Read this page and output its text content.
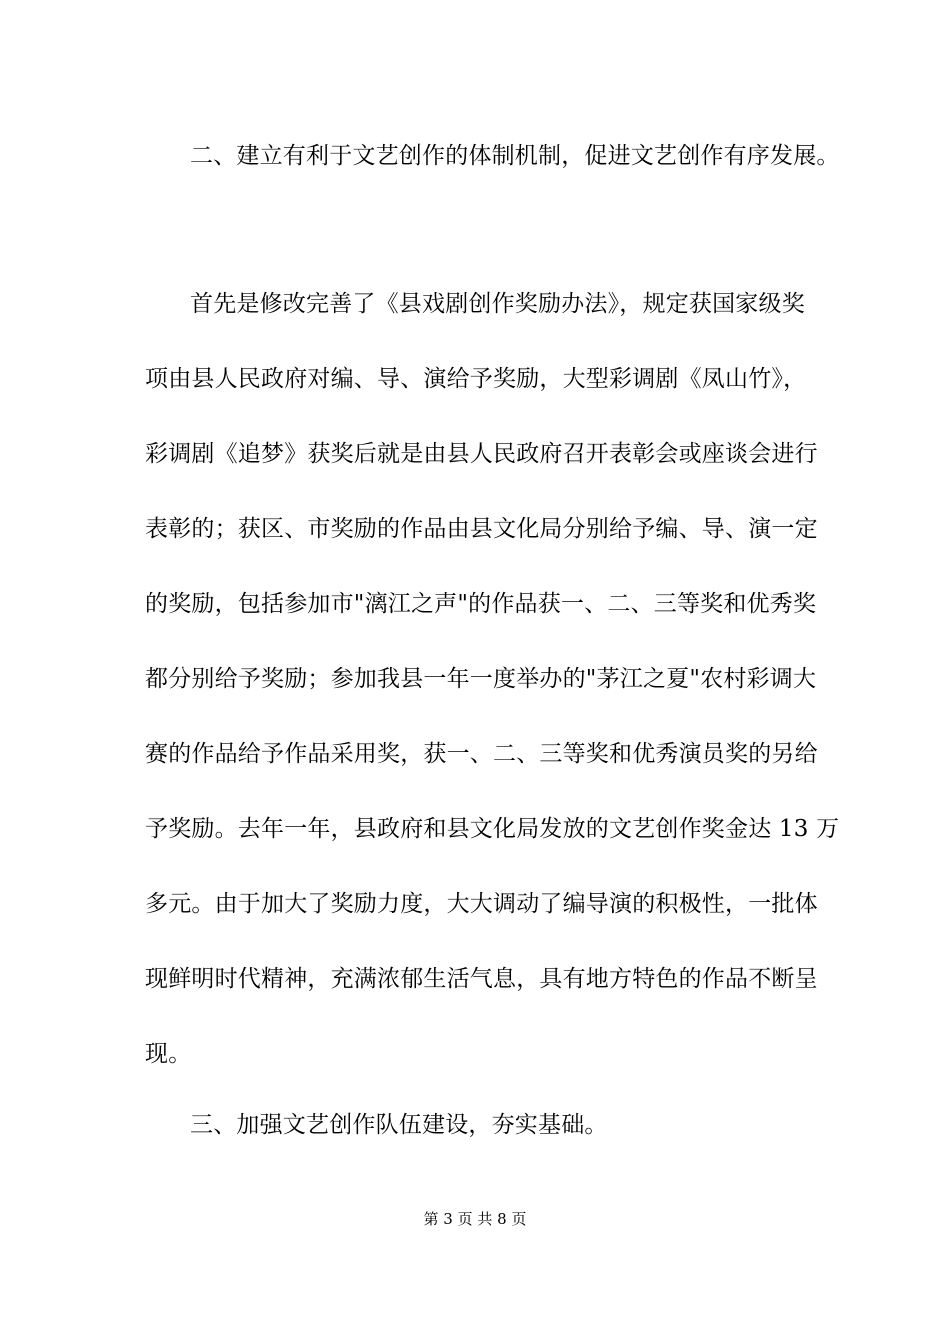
二、建立有利于文艺创作的体制机制，促进文艺创作有序发展。
首先是修改完善了《县戏剧创作奖励办法》，规定获国家级奖
项由县人民政府对编、导、演给予奖励，大型彩调剧《凤山竹》，
彩调剧《追梦》获奖后就是由县人民政府召开表彰会或座谈会进行
表彰的；获区、市奖励的作品由县文化局分别给予编、导、演一定
的奖励，包括参加市"漓江之声"的作品获一、二、三等奖和优秀奖
都分别给予奖励；参加我县一年一度举办的"茅江之夏"农村彩调大
赛的作品给予作品采用奖，获一、二、三等奖和优秀演员奖的另给
予奖励。去年一年，县政府和县文化局发放的文艺创作奖金达 13 万
多元。由于加大了奖励力度，大大调动了编导演的积极性，一批体
现鲜明时代精神，充满浓郁生活气息，具有地方特色的作品不断呈
现。
三、加强文艺创作队伍建设，夯实基础。
第 3 页 共 8 页
